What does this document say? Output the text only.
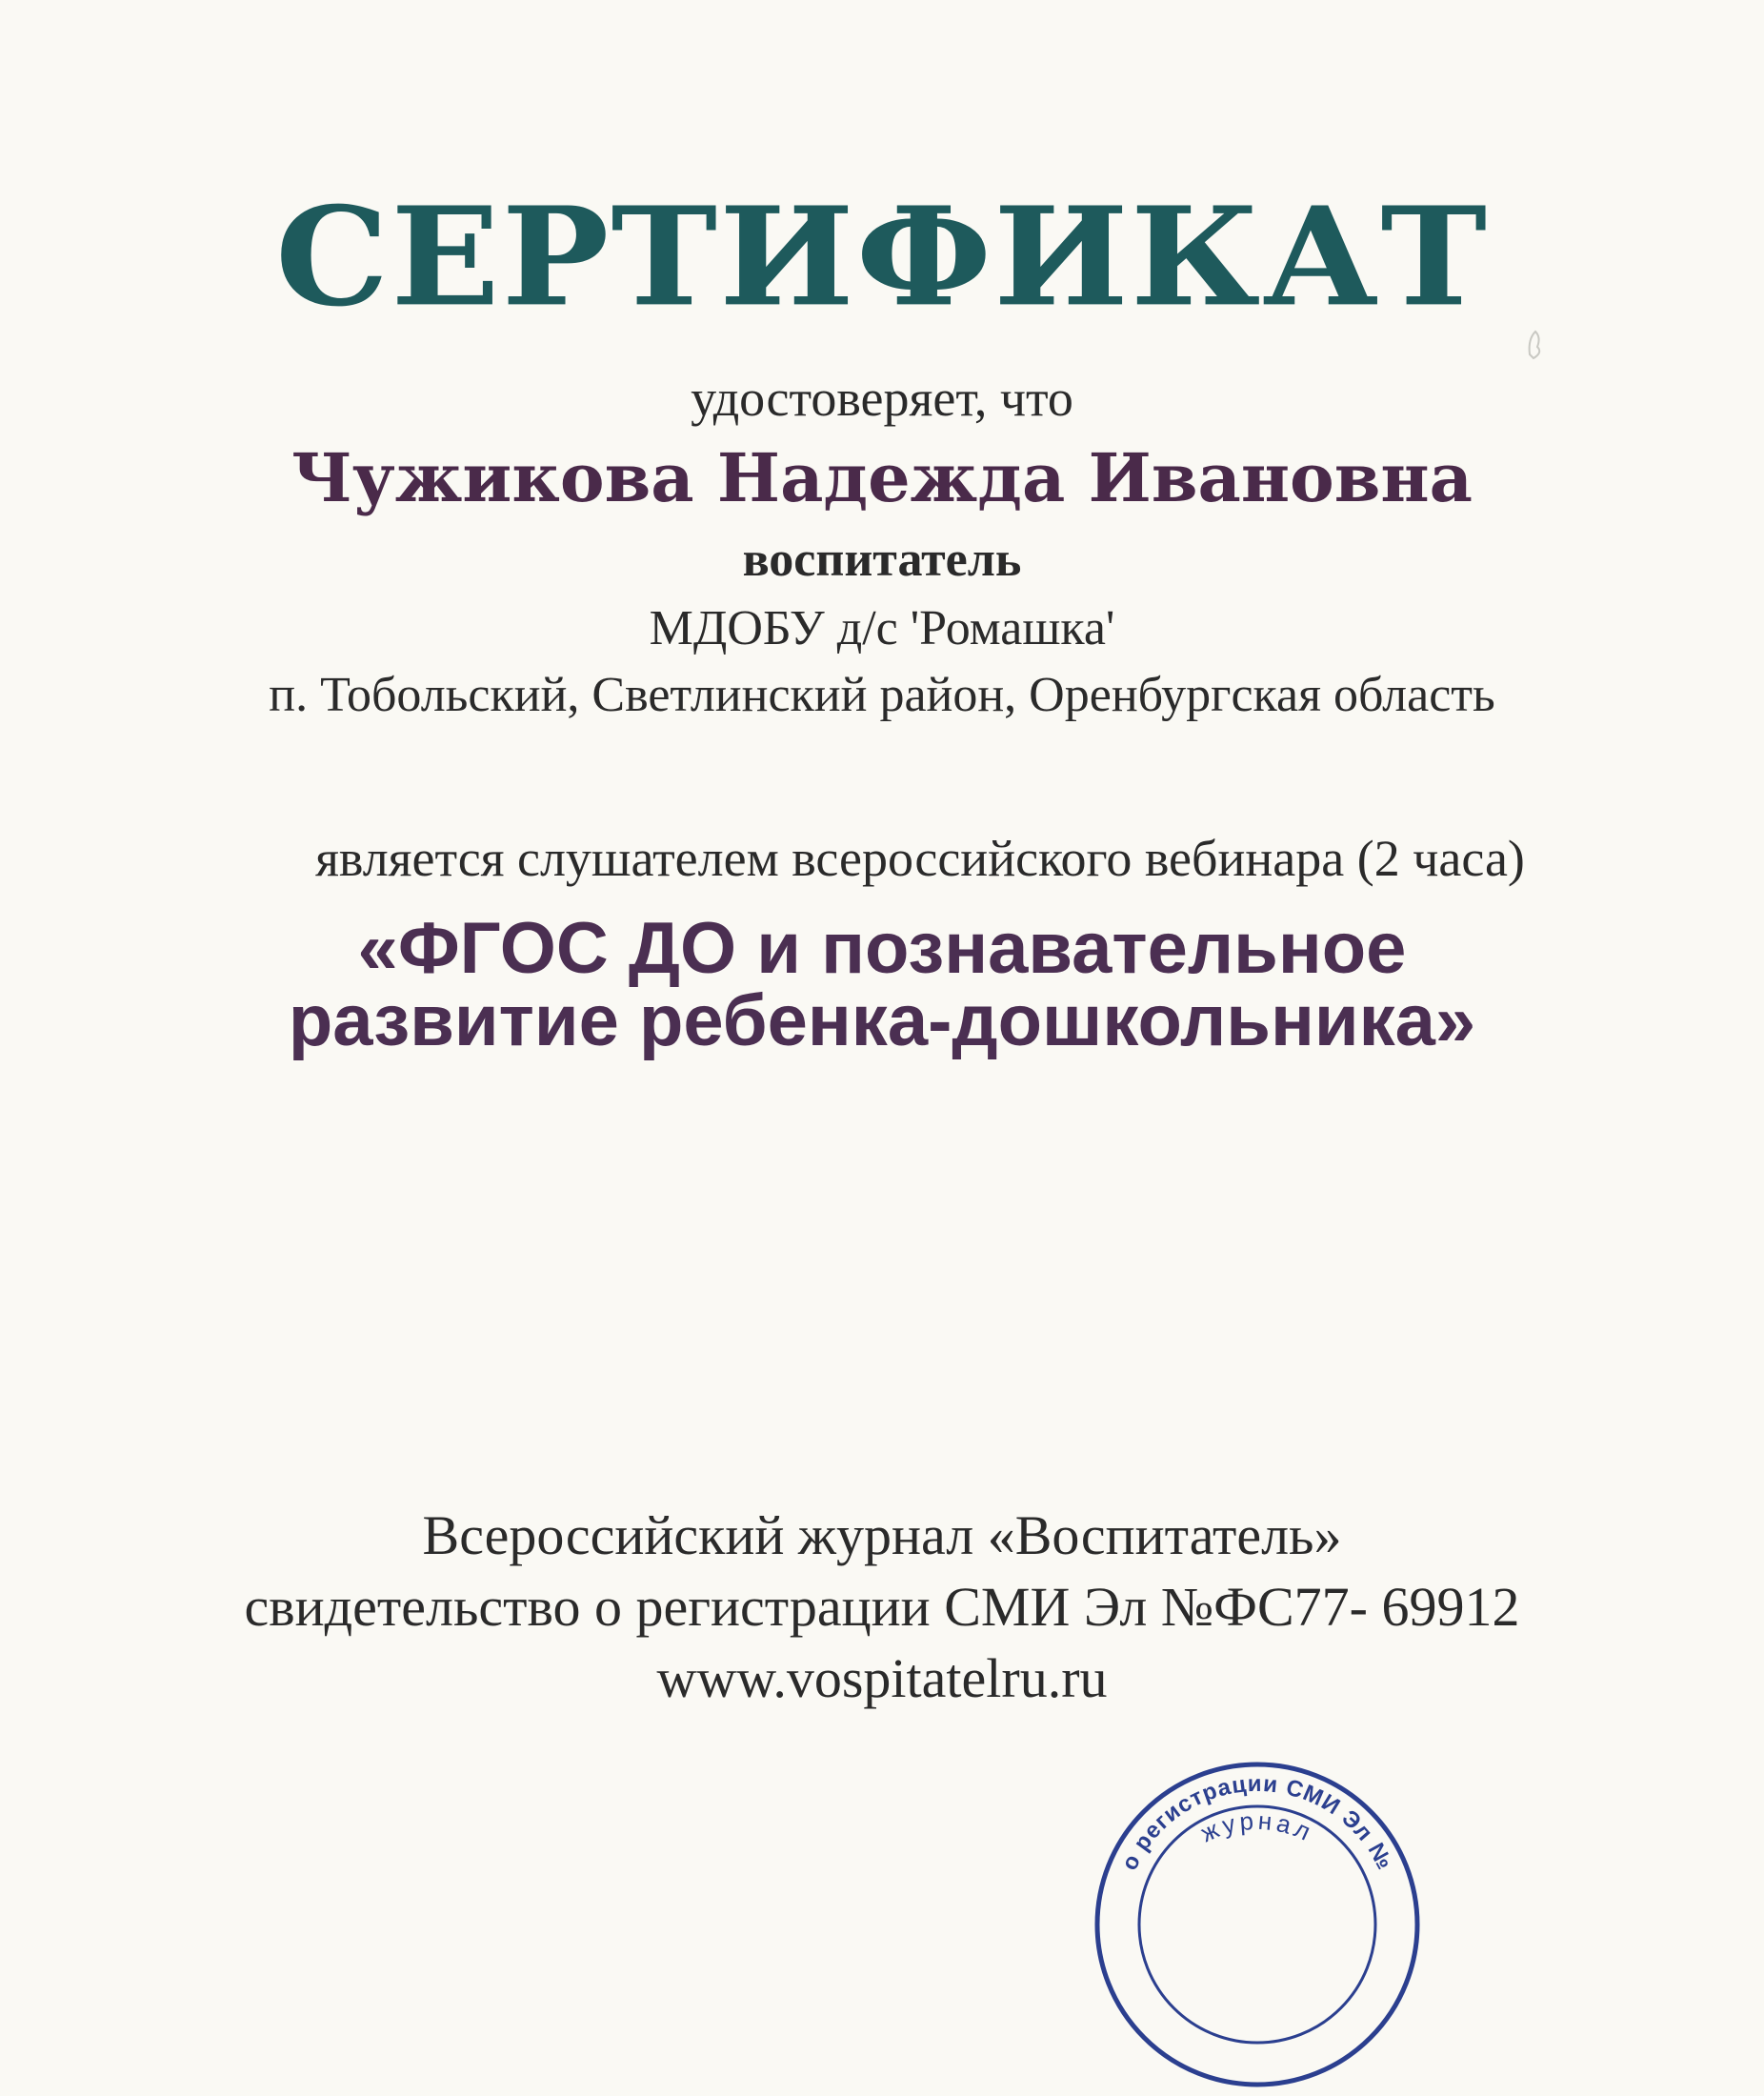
СЕРТИФИКАТ
удостоверяет, что
Чужикова Надежда Ивановна
воспитатель
МДОБУ д/с 'Ромашка'
п. Тобольский, Светлинский район, Оренбургская область
является слушателем всероссийского вебинара (2 часа)
«ФГОС ДО и познавательное
развитие ребенка-дошкольника»
Всероссийский журнал «Воспитатель»
свидетельство о регистрации СМИ Эл №ФС77- 69912
www.vospitatelru.ru
о регистрации СМИ Эл №
журнал
